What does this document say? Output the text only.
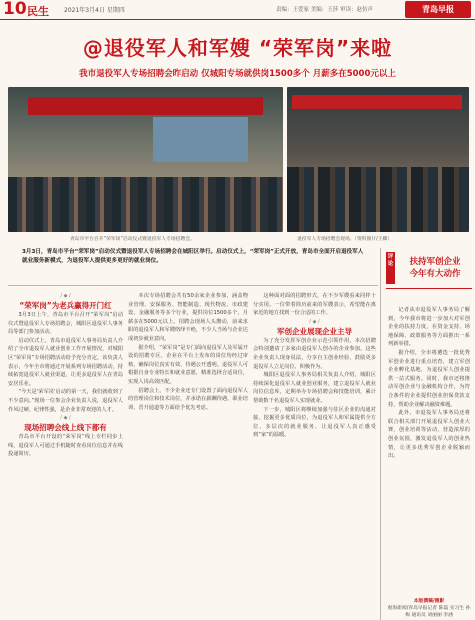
10 民生	2021年3月4日 星期四	责编：王爱家 美编：王莎 审读：赵仿声	青岛早报
@退役军人和军嫂 “荣军岗”来啦
我市退役军人专场招聘会昨启动 仅城阳专场就供岗1500多个 月薪多在5000元以上
青岛市平台召开“荣军岗”启动仪式暨退役军人专场招聘会。	退役军人专场招聘会现场。（资料图片/王卿）
3月3日，青岛市平台“荣军岗”启动仪式暨退役军人专场招聘会在城阳区举行。启动仪式上，“荣军岗”正式开放，青岛市全面开启退役军人就业服务新模式，为退役军人提供更多更好的就业岗位。
/ ◆ /
“荣军岗”为老兵赢得开门红

3月3日上午，青岛市平台召开“荣军岗”启动仪式暨退役军人专场招聘会，城阳区退役军人事务局等部门参加活动。

启动仪式上，青岛市退役军人事务局负责人介绍了全市退役军人就业创业工作开展情况，对城阳区“荣军岗”专场招聘活动给予充分肯定。该负责人表示，今年全市将通过开展系列专场招聘活动，持续拓宽退役军人就业渠道，让更多退役军人在青岛安居乐业。

“今天是‘荣军岗’启动的第一天，我们就收到了不少意向。”现场一位参会企业负责人说，退役军人作风过硬、纪律性强，是企业非常欢迎的人才。

/ ◆ /
现场招聘会线上线下都有

青岛市平台开设的“荣军岗”线上专栏同步上线，退役军人可通过手机随时查看岗位信息并在线投递简历。

本次专场招聘会共有50余家企业参加，涵盖物业管理、安保服务、智能制造、现代物流、市政建设、金融服务等多个行业，提供岗位1500多个，月薪多在5000元以上。招聘会现场人头攒动，前来求职的退役军人和军嫂络绎不绝，不少人当场与企业达成初步就业意向。

据介绍，“荣军岗”是专门面向退役军人及军属开设的招聘专区，企业在平台上发布的岗位均经过审核，确保岗位真实有效、待遇公开透明。退役军人可根据自身专业特长和就业意愿，精准选择合适岗位，实现人岗高效匹配。

招聘会上，不少企业还专门设置了面向退役军人的管理岗位和技术岗位，并承诺在薪酬待遇、职业培训、晋升通道等方面给予优先考虑。

这种面对面的招聘形式，在不少军嫂看来同样十分实用。一位带着简历前来的军嫂表示，希望能在离家近的地方找到一份合适的工作。

/ ◆ /
军创企业展现企业主导

为了充分发挥军创企业示范引领作用，本次招聘会特别邀请了多家由退役军人创办的企业参加。这些企业负责人现身说法，分享自主创业经验，鼓励更多退役军人立足岗位、积极作为。

城阳区退役军人事务局相关负责人介绍，城阳区持续深化退役军人就业创业服务，建立退役军人就业岗位信息库，定期举办专场招聘会和技能培训，累计帮助数千名退役军人实现就业。

下一步，城阳区将继续加强与驻区企业的沟通对接，挖掘更多优质岗位，为退役军人和军属提供全方位、多层次的就业服务，让退役军人真正感受到“家”的温暖。

评论	扶持军创企业
今年有大动作

记者从市退役军人事务局了解到，今年我市将进一步加大对军创企业的扶持力度，在资金支持、场地保障、政策服务等方面推出一系列新举措。

据介绍，全市将遴选一批优秀军创企业进行重点培育，建立军创企业孵化基地，为退役军人创业提供一站式服务。同时，我市还将推动军创企业与金融机构合作，为符合条件的企业提供创业担保贷款支持，帮助企业解决融资难题。

此外，市退役军人事务局还将联合相关部门开展退役军人创业大赛、创业培训等活动，营造浓厚的创业氛围，激发退役军人的创业热情，让更多优秀军创企业脱颖而出。

本版撰稿/摄影
观海新闻/青岛早报记者 陈磊 实习生 孙梅 通讯员 刘丽丽 李涵
